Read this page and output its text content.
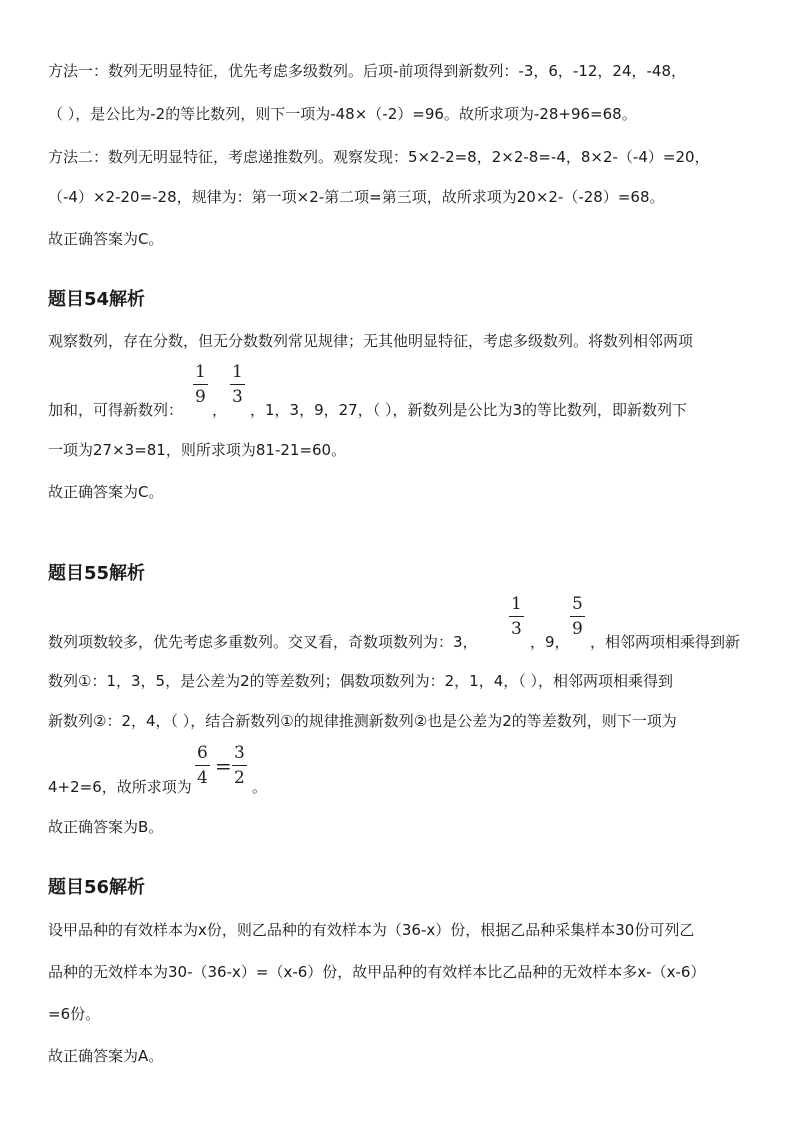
方法一：数列无明显特征，优先考虑多级数列。后项-前项得到新数列：-3，6，-12，24，-48，
（ ），是公比为-2的等比数列，则下一项为-48×（-2）=96。故所求项为-28+96=68。
方法二：数列无明显特征，考虑递推数列。观察发现：5×2-2=8，2×2-8=-4，8×2-（-4）=20，
（-4）×2-20=-28，规律为：第一项×2-第二项=第三项，故所求项为20×2-（-28）=68。
故正确答案为C。
题目54解析
观察数列，存在分数，但无分数数列常见规律；无其他明显特征，考虑多级数列。将数列相邻两项
1
9
1
3
加和，可得新数列： ， ，1，3，9，27，（ ），新数列是公比为3的等比数列，即新数列下
一项为27×3=81，则所求项为81-21=60。
故正确答案为C。
题目55解析
1
3
5
9
数列项数较多，优先考虑多重数列。交叉看，奇数项数列为：3，	，9， ，相邻两项相乘得到新
数列①：1，3，5，是公差为2的等差数列；偶数项数列为：2，1，4，（ ），相邻两项相乘得到
新数列②：2，4，（ ），结合新数列①的规律推测新数列②也是公差为2的等差数列，则下一项为
6
4 =
3
2
4+2=6，故所求项为	。
故正确答案为B。
题目56解析
设甲品种的有效样本为x份，则乙品种的有效样本为（36-x）份，根据乙品种采集样本30份可列乙
品种的无效样本为30-（36-x）=（x-6）份，故甲品种的有效样本比乙品种的无效样本多x-（x-6）
=6份。
故正确答案为A。
